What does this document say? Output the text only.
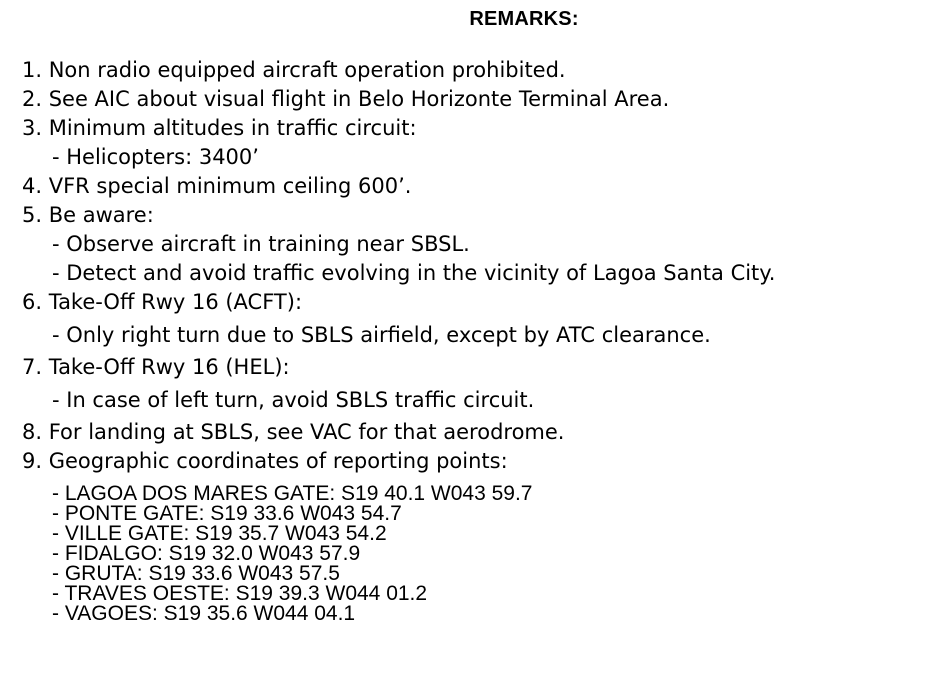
REMARKS:
1. Non radio equipped aircraft operation prohibited.
2. See AIC about visual flight in Belo Horizonte Terminal Area.
3. Minimum altitudes in traffic circuit:
- Helicopters: 3400’
4. VFR special minimum ceiling 600’.
5. Be aware:
- Observe aircraft in training near SBSL.
- Detect and avoid traffic evolving in the vicinity of Lagoa Santa City.
6. Take-Off Rwy 16 (ACFT):
- Only right turn due to SBLS airfield, except by ATC clearance.
7. Take-Off Rwy 16 (HEL):
- In case of left turn, avoid SBLS traffic circuit.
8. For landing at SBLS, see VAC for that aerodrome.
9. Geographic coordinates of reporting points:
- LAGOA DOS MARES GATE: S19 40.1 W043 59.7
- PONTE GATE: S19 33.6 W043 54.7
- VILLE GATE: S19 35.7 W043 54.2
- FIDALGO: S19 32.0 W043 57.9
- GRUTA: S19 33.6 W043 57.5
- TRAVES OESTE: S19 39.3 W044 01.2
- VAGOES: S19 35.6 W044 04.1
